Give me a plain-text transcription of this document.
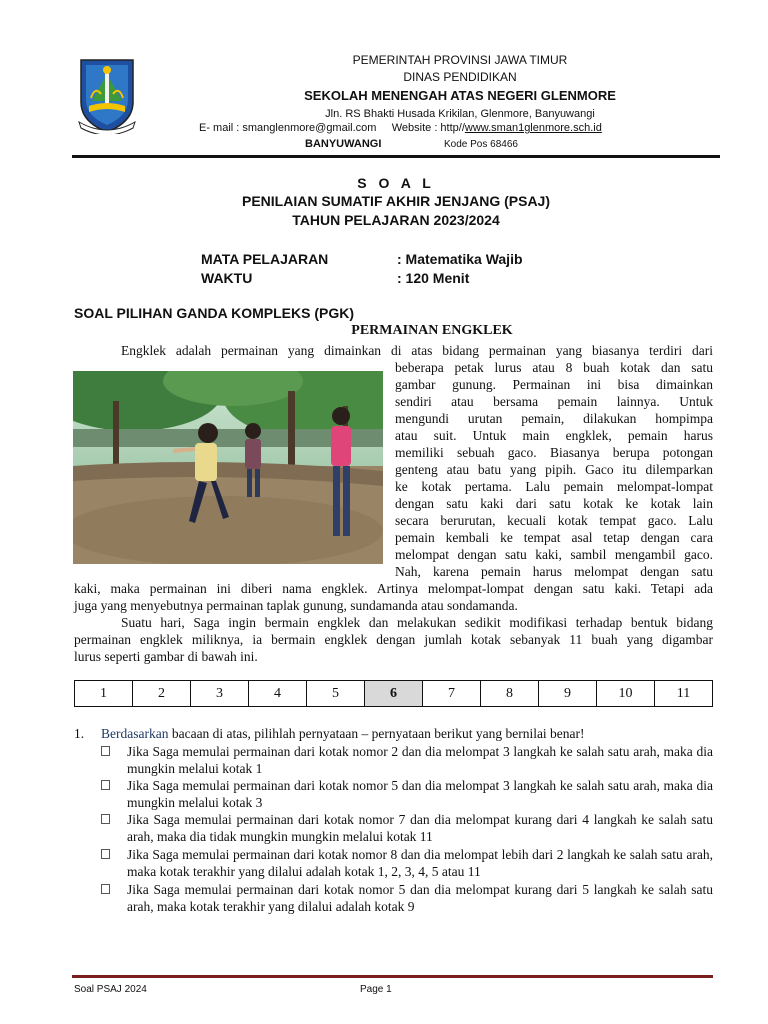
PEMERINTAH PROVINSI JAWA TIMUR
DINAS PENDIDIKAN
SEKOLAH MENENGAH ATAS NEGERI GLENMORE
Jln. RS Bhakti Husada Krikilan, Glenmore, Banyuwangi
E- mail : smanglenmore@gmail.com     Website : http//www.sman1glenmore.sch.id
BANYUWANGI	Kode Pos 68466
S O A L
PENILAIAN SUMATIF AKHIR JENJANG (PSAJ)
TAHUN PELAJARAN 2023/2024
MATA PELAJARAN	: Matematika Wajib
WAKTU	: 120 Menit
SOAL PILIHAN GANDA KOMPLEKS (PGK)
PERMAINAN ENGKLEK
Engklek adalah permainan yang dimainkan di atas bidang permainan yang biasanya terdiri dari
beberapa petak lurus atau 8 buah kotak dan satu
gambar gunung. Permainan ini bisa dimainkan
sendiri atau bersama pemain lainnya. Untuk
mengundi urutan pemain, dilakukan hompimpa
atau suit. Untuk main engklek, pemain harus
memiliki sebuah gaco. Biasanya berupa potongan
genteng atau batu yang pipih. Gaco itu dilemparkan
ke kotak pertama. Lalu pemain melompat-lompat
dengan satu kaki dari satu kotak ke kotak lain
secara berurutan, kecuali kotak tempat gaco. Lalu
pemain kembali ke tempat asal tetap dengan cara
melompat dengan satu kaki, sambil mengambil gaco.
Nah, karena pemain harus melompat dengan satu
kaki, maka permainan ini diberi nama engklek. Artinya melompat-lompat dengan satu kaki. Tetapi ada
juga yang menyebutnya permainan taplak gunung, sundamanda atau sondamanda.
Suatu hari, Saga ingin bermain engklek dan melakukan sedikit modifikasi terhadap bentuk bidang
permainan engklek miliknya, ia bermain engklek dengan jumlah kotak sebanyak 11 buah yang digambar
lurus seperti gambar di bawah ini.
1	2	3	4	5	6	7	8	9	10	11
1. Berdasarkan bacaan di atas, pilihlah pernyataan – pernyataan berikut yang bernilai benar!
Jika Saga memulai permainan dari kotak nomor 2 dan dia melompat 3 langkah ke salah satu arah, maka dia mungkin melalui kotak 1
Jika Saga memulai permainan dari kotak nomor 5 dan dia melompat 3 langkah ke salah satu arah, maka dia mungkin melalui kotak 3
Jika Saga memulai permainan dari kotak nomor 7 dan dia melompat kurang dari 4 langkah ke salah satu arah, maka dia tidak mungkin mungkin melalui kotak 11
Jika Saga memulai permainan dari kotak nomor 8 dan dia melompat lebih dari 2 langkah ke salah satu arah, maka kotak terakhir yang dilalui adalah kotak 1, 2, 3, 4, 5 atau 11
Jika Saga memulai permainan dari kotak nomor 5 dan dia melompat kurang dari 5 langkah ke salah satu arah, maka kotak terakhir yang dilalui adalah kotak 9
Soal PSAJ 2024	Page 1
